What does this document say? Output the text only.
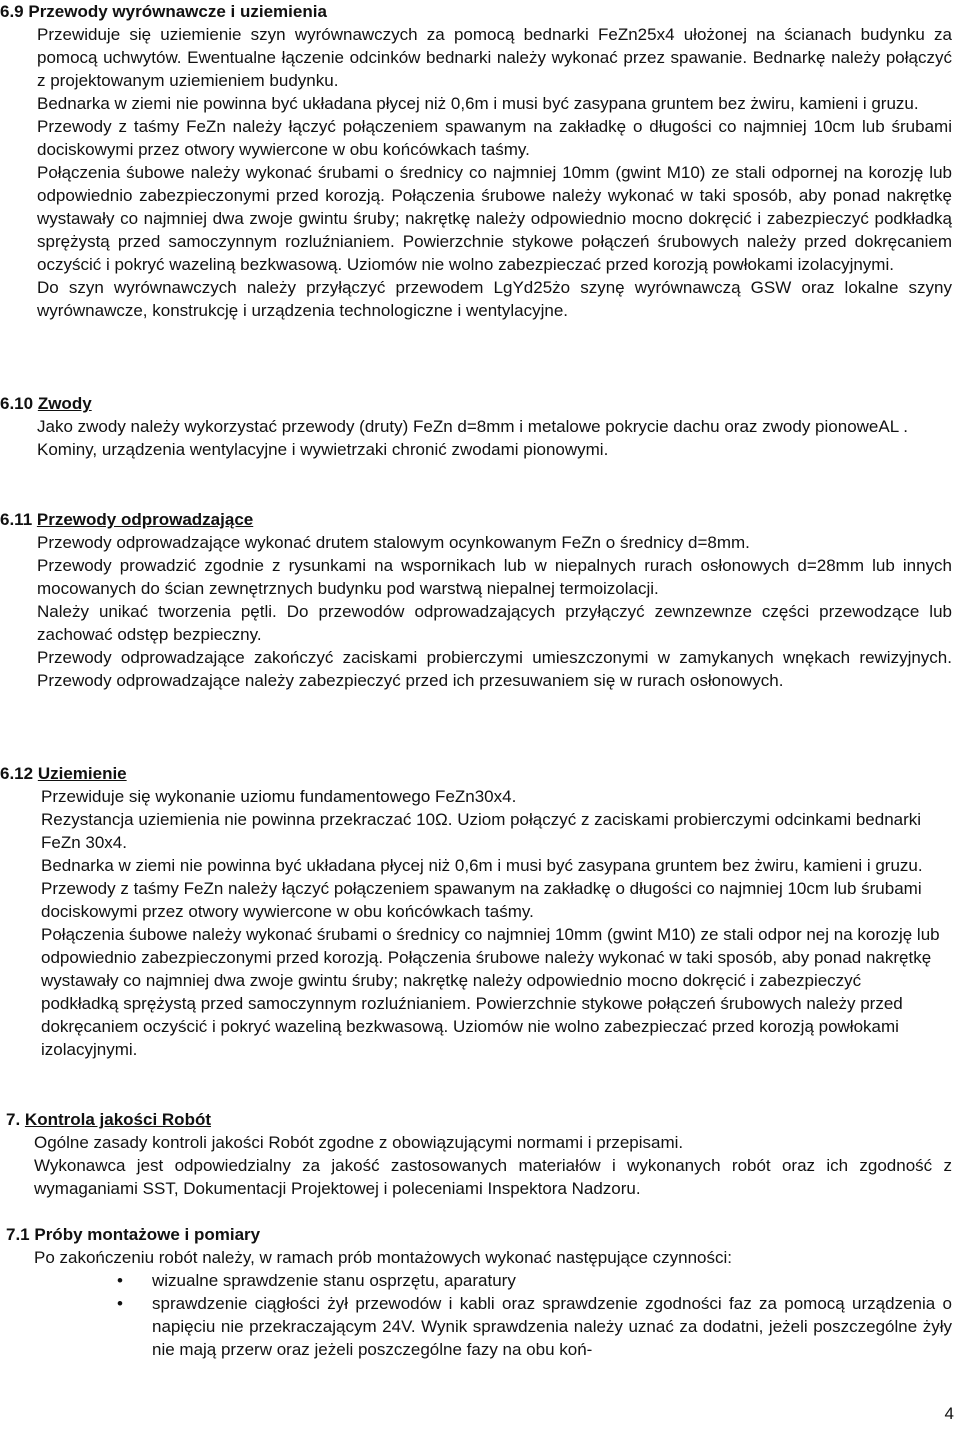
6.9 Przewody wyrównawcze i uziemienia

Przewiduje się uziemienie szyn wyrównawczych za pomocą bednarki FeZn25x4 ułożonej na ścianach budynku za pomocą uchwytów. Ewentualne łączenie odcinków bednarki należy wykonać przez spawanie. Bednarkę należy połączyć z projektowanym uziemieniem budynku.

Bednarka w ziemi nie powinna być układana płycej niż 0,6m i musi być zasypana gruntem bez żwiru, kamieni i gruzu.

Przewody z taśmy FeZn należy łączyć połączeniem spawanym na zakładkę o długości co najmniej 10cm lub śrubami dociskowymi przez otwory wywiercone w obu końcówkach taśmy.

Połączenia śubowe należy wykonać śrubami o średnicy co najmniej 10mm (gwint M10) ze stali odpornej na korozję lub odpowiednio zabezpieczonymi przed korozją. Połączenia śrubowe należy wykonać w taki sposób, aby ponad nakrętkę wystawały co najmniej dwa zwoje gwintu śruby; nakrętkę należy odpowiednio mocno dokręcić i zabezpieczyć podkładką sprężystą przed samoczynnym rozluźnianiem. Powierzchnie stykowe połączeń śrubowych należy przed dokręcaniem oczyścić i pokryć wazeliną bezkwasową. Uziomów nie wolno zabezpieczać przed korozją powłokami izolacyjnymi.

Do szyn wyrównawczych należy przyłączyć przewodem LgYd25żo szynę wyrównawczą GSW oraz lokalne szyny wyrównawcze, konstrukcję i urządzenia technologiczne i wentylacyjne.

6.10 Zwody

Jako zwody należy wykorzystać przewody (druty) FeZn d=8mm i metalowe pokrycie dachu oraz zwody pionoweAL .

Kominy, urządzenia wentylacyjne i wywietrzaki chronić zwodami pionowymi.

6.11 Przewody odprowadzające

Przewody odprowadzające wykonać drutem stalowym ocynkowanym FeZn o średnicy d=8mm.

Przewody prowadzić zgodnie z rysunkami na wspornikach lub w niepalnych rurach osłonowych d=28mm lub innych mocowanych do ścian zewnętrznych budynku pod warstwą niepalnej termoizolacji.

Należy unikać tworzenia pętli. Do przewodów odprowadzających przyłączyć zewnzewnze części przewodzące lub zachować odstęp bezpieczny.

Przewody odprowadzające zakończyć zaciskami probierczymi umieszczonymi w zamykanych wnękach rewizyjnych. Przewody odprowadzające należy zabezpieczyć przed ich przesuwaniem się w rurach osłonowych.

6.12 Uziemienie

Przewiduje się wykonanie uziomu fundamentowego FeZn30x4.

Rezystancja uziemienia nie powinna przekraczać 10Ω. Uziom połączyć z zaciskami probierczymi odcinkami bednarki FeZn 30x4.

Bednarka w ziemi nie powinna być układana płycej niż 0,6m i musi być zasypana gruntem bez żwiru, kamieni i gruzu.

Przewody z taśmy FeZn należy łączyć połączeniem spawanym na zakładkę o długości co najmniej 10cm lub śrubami dociskowymi przez otwory wywiercone w obu końcówkach taśmy.

Połączenia śubowe należy wykonać śrubami o średnicy co najmniej 10mm (gwint M10) ze stali odpor nej na korozję lub odpowiednio zabezpieczonymi przed korozją. Połączenia śrubowe należy wykonać w taki sposób, aby ponad nakrętkę wystawały co najmniej dwa zwoje gwintu śruby; nakrętkę należy odpowiednio mocno dokręcić i zabezpieczyć podkładką sprężystą przed samoczynnym rozluźnianiem. Powierzchnie stykowe połączeń śrubowych należy przed dokręcaniem oczyścić i pokryć wazeliną bezkwasową. Uziomów nie wolno zabezpieczać przed korozją powłokami izolacyjnymi.

7. Kontrola jakości Robót

Ogólne zasady kontroli jakości Robót zgodne z obowiązującymi normami i przepisami.

Wykonawca jest odpowiedzialny za jakość zastosowanych materiałów i wykonanych robót oraz ich zgodność z wymaganiami SST, Dokumentacji Projektowej i poleceniami Inspektora Nadzoru.

7.1 Próby montażowe i pomiary

Po zakończeniu robót należy, w ramach prób montażowych wykonać następujące czynności:

• wizualne sprawdzenie stanu osprzętu, aparatury
• sprawdzenie ciągłości żył przewodów i kabli oraz sprawdzenie zgodności faz za pomocą urządzenia o napięciu nie przekraczającym 24V. Wynik sprawdzenia należy uznać za dodatni, jeżeli poszczególne żyły nie mają przerw oraz jeżeli poszczególne fazy na obu koń-
4
